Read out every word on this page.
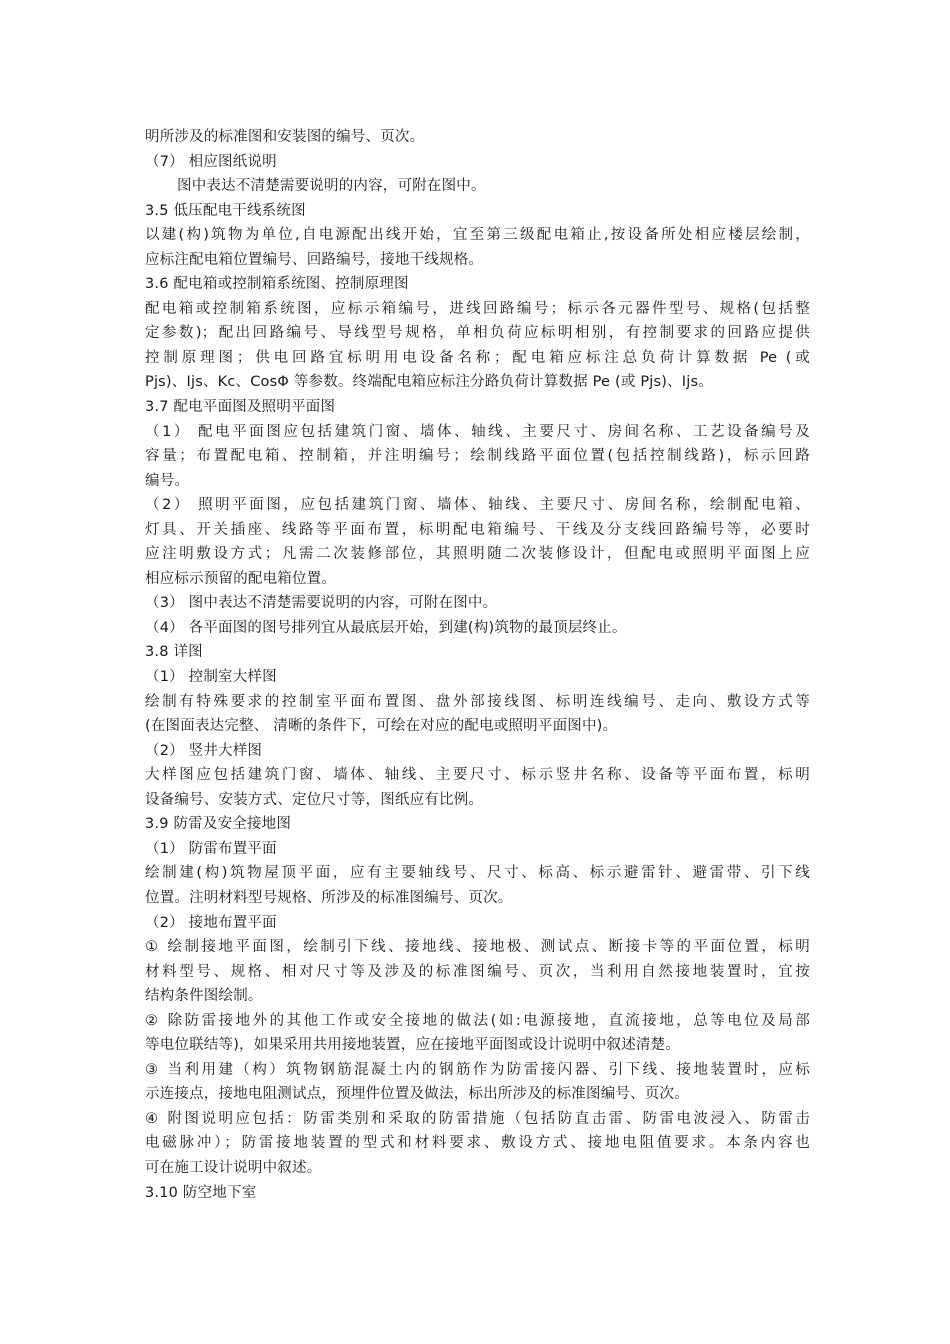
明所涉及的标准图和安装图的编号、页次。
（7） 相应图纸说明
图中表达不清楚需要说明的内容，可附在图中。
3.5 低压配电干线系统图
以建(构)筑物为单位,自电源配出线开始，宜至第三级配电箱止,按设备所处相应楼层绘制，
应标注配电箱位置编号、回路编号，接地干线规格。
3.6 配电箱或控制箱系统图、控制原理图
配电箱或控制箱系统图，应标示箱编号，进线回路编号；标示各元器件型号、规格(包括整
定参数)；配出回路编号、导线型号规格，单相负荷应标明相别，有控制要求的回路应提供
控制原理图；供电回路宜标明用电设备名称；配电箱应标注总负荷计算数据 Pe (或
Pjs)、Ijs、Kc、CosΦ 等参数。终端配电箱应标注分路负荷计算数据 Pe (或 Pjs)、Ijs。
3.7 配电平面图及照明平面图
（1） 配电平面图应包括建筑门窗、墙体、轴线、主要尺寸、房间名称、工艺设备编号及
容量；布置配电箱、控制箱，并注明编号；绘制线路平面位置(包括控制线路)，标示回路
编号。
（2） 照明平面图，应包括建筑门窗、墙体、轴线、主要尺寸、房间名称，绘制配电箱、
灯具、开关插座、线路等平面布置，标明配电箱编号、干线及分支线回路编号等，必要时
应注明敷设方式；凡需二次装修部位，其照明随二次装修设计，但配电或照明平面图上应
相应标示预留的配电箱位置。
（3） 图中表达不清楚需要说明的内容，可附在图中。
（4） 各平面图的图号排列宜从最底层开始，到建(构)筑物的最顶层终止。
3.8 详图
（1） 控制室大样图
绘制有特殊要求的控制室平面布置图、盘外部接线图、标明连线编号、走向、敷设方式等
(在图面表达完整、 清晰的条件下，可绘在对应的配电或照明平面图中)。
（2） 竖井大样图
大样图应包括建筑门窗、墙体、轴线、主要尺寸、标示竖井名称、设备等平面布置，标明
设备编号、安装方式、定位尺寸等，图纸应有比例。
3.9 防雷及安全接地图
（1） 防雷布置平面
绘制建(构)筑物屋顶平面，应有主要轴线号、尺寸、标高、标示避雷针、避雷带、引下线
位置。注明材料型号规格、所涉及的标准图编号、页次。
（2） 接地布置平面
① 绘制接地平面图，绘制引下线、接地线、接地极、测试点、断接卡等的平面位置，标明
材料型号、规格、相对尺寸等及涉及的标准图编号、页次，当利用自然接地装置时，宜按
结构条件图绘制。
② 除防雷接地外的其他工作或安全接地的做法(如:电源接地，直流接地，总等电位及局部
等电位联结等)，如果采用共用接地装置，应在接地平面图或设计说明中叙述清楚。
③ 当利用建（构）筑物钢筋混凝土内的钢筋作为防雷接闪器、引下线、接地装置时，应标
示连接点，接地电阻测试点，预埋件位置及做法，标出所涉及的标准图编号、页次。
④ 附图说明应包括：防雷类别和采取的防雷措施（包括防直击雷、防雷电波浸入、防雷击
电磁脉冲）；防雷接地装置的型式和材料要求、敷设方式、接地电阻值要求。本条内容也
可在施工设计说明中叙述。
3.10 防空地下室
